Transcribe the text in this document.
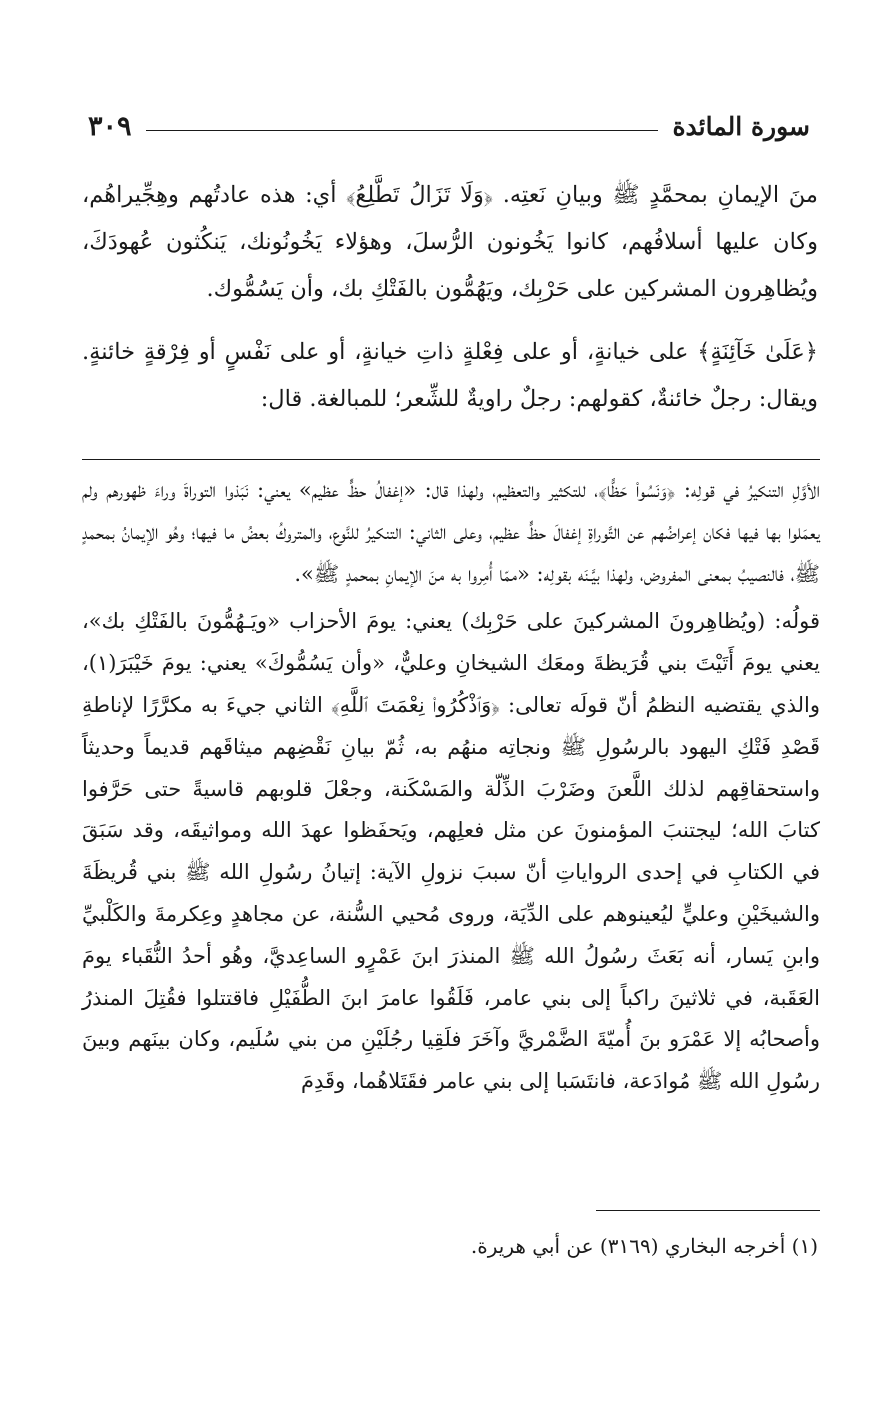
سورة المائدة
٣٠٩

منَ الإيمانِ بمحمَّدٍ ﷺ وبيانِ نَعتِه. ﴿وَلَا تَزَالُ تَطَّلِعُ﴾ أي: هذه عادتُهم وهِجِّيراهُم، وكان عليها أسلافُهم، كانوا يَخُونون الرُّسلَ، وهؤلاء يَخُونُونك، يَنكُثون عُهودَكَ، ويُظاهِرون المشركين على حَرْبِك، ويَهُمُّون بالفَتْكِ بك، وأن يَسُمُّوك.

﴿عَلَىٰ خَآئِنَةٍ﴾ على خيانةٍ، أو على فِعْلةٍ ذاتِ خيانةٍ، أو على نَفْسٍ أو فِرْقةٍ خائنةٍ. ويقال: رجلٌ خائنةٌ، كقولهم: رجلٌ راويةٌ للشِّعر؛ للمبالغة. قال:

الأوَّلِ التنكيرُ في قولِه: ﴿وَنَسُوا۟ حَظًّا﴾، للتكثير والتعظيم، ولهذا قال: «إغفالُ حظٍّ عظيم» يعني: نَبَذوا التوراةَ وراءَ ظهورهم ولم يعمَلوا بها فيها فكان إعراضُهم عن التَّوراةِ إغفالَ حظٍّ عظيم، وعلى الثاني: التنكيرُ للنَّوع، والمتروكُ بعضُ ما فيها؛ وهُو الإيمانُ بمحمدٍ ﷺ، فالنصيبُ بمعنى المفروض، ولهذا بيَّـنَه بقولِه: «ممّا أُمِروا به منَ الإيمانِ بمحمدٍ ﷺ».

قولُه: (ويُظاهِرونَ المشركينَ على حَرْبِك) يعني: يومَ الأحزاب «ويَـهُمُّونَ بالفَتْكِ بك»، يعني يومَ أَتَيْتَ بني قُرَيظةَ ومعَك الشيخانِ وعليٌّ، «وأن يَسُمُّوكَ» يعني: يومَ خَيْبَرَ(١)، والذي يقتضيه النظمُ أنّ قولَه تعالى: ﴿وَٱذْكُرُوا۟ نِعْمَتَ ٱللَّهِ﴾ الثاني جيءَ به مكرَّرًا لإناطةِ قَصْدِ فَتْكِ اليهود بالرسُولِ ﷺ ونجاتِه منهُم به، ثُمّ بيانِ نَقْضِهم ميثاقَهم قديماً وحديثاً واستحقاقِهم لذلك اللَّعنَ وضَرْبَ الذِّلّة والمَسْكَنة، وجعْلَ قلوبهم قاسيةً حتى حَرَّفوا كتابَ الله؛ ليجتنبَ المؤمنونَ عن مثل فعلِهم، ويَحفَظوا عهدَ الله ومواثيقَه، وقد سَبَقَ في الكتابِ في إحدى الرواياتِ أنّ سببَ نزولِ الآية: إتيانُ رسُولِ الله ﷺ بني قُريظَةَ والشيخَيْنِ وعليٍّ ليُعينوهم على الدِّيَة، وروى مُحيي السُّنة، عن مجاهدٍ وعِكرمةَ والكَلْبيِّ وابنِ يَسار، أنه بَعَثَ رسُولُ الله ﷺ المنذرَ ابنَ عَمْرٍو الساعِديَّ، وهُو أحدُ النُّقَباء يومَ العَقَبة، في ثلاثينَ راكباً إلى بني عامر، فَلَقُوا عامرَ ابنَ الطُّفَيْلِ فاقتتلوا فقُتِلَ المنذرُ وأصحابُه إلا عَمْرَو بنَ أُميّةَ الضَّمْريَّ وآخَرَ فلَقِيا رجُلَيْنِ من بني سُلَيم، وكان بينَهم وبينَ رسُولِ الله ﷺ مُوادَعة، فانتَسَبا إلى بني عامر فقَتَلاهُما، وقَدِمَ

(١) أخرجه البخاري (٣١٦٩) عن أبي هريرة.
